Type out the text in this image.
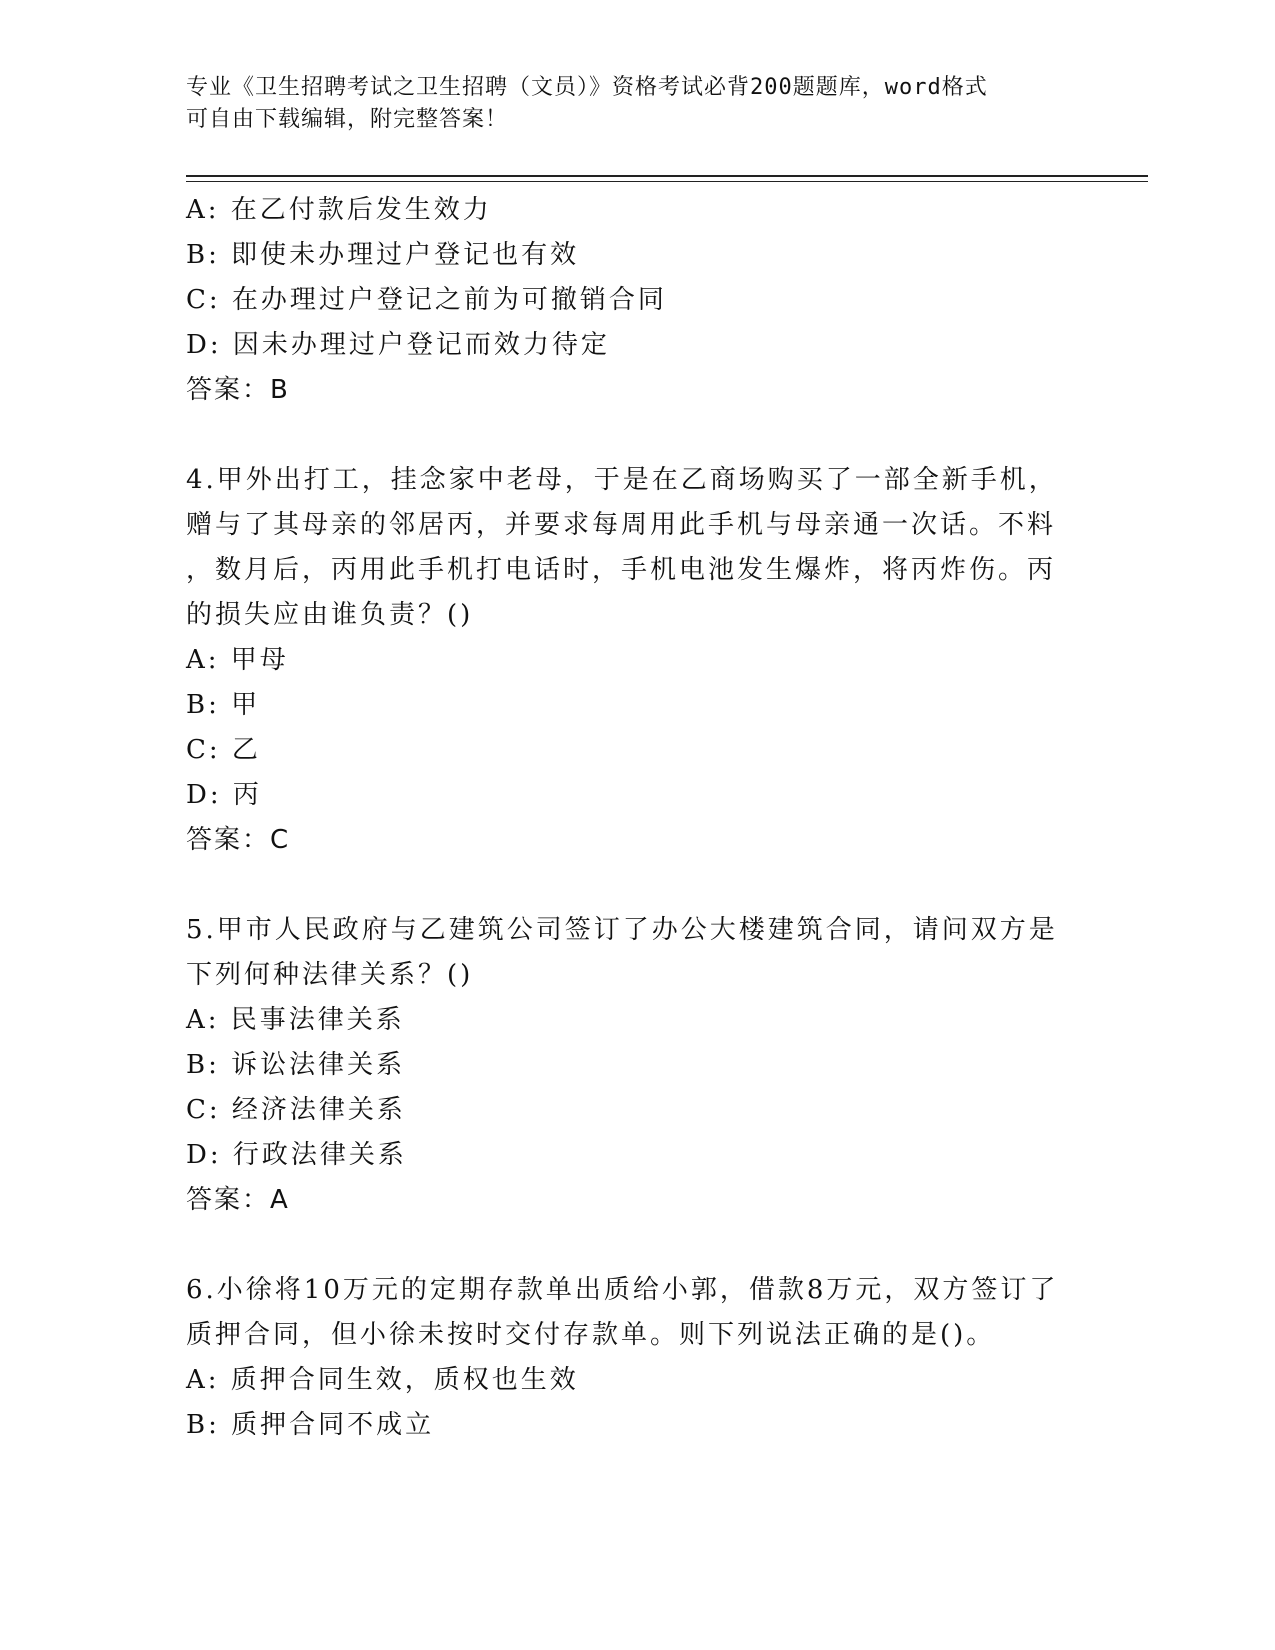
专业《卫生招聘考试之卫生招聘（文员）》资格考试必背200题题库，word格式
可自由下载编辑，附完整答案！
A: 在乙付款后发生效力
B: 即使未办理过户登记也有效
C: 在办理过户登记之前为可撤销合同
D: 因未办理过户登记而效力待定
答案：B
4.甲外出打工，挂念家中老母，于是在乙商场购买了一部全新手机，
赠与了其母亲的邻居丙，并要求每周用此手机与母亲通一次话。不料
，数月后，丙用此手机打电话时，手机电池发生爆炸，将丙炸伤。丙
的损失应由谁负责？()
A: 甲母
B: 甲
C: 乙
D: 丙
答案：C
5.甲市人民政府与乙建筑公司签订了办公大楼建筑合同，请问双方是
下列何种法律关系？()
A: 民事法律关系
B: 诉讼法律关系
C: 经济法律关系
D: 行政法律关系
答案：A
6.小徐将10万元的定期存款单出质给小郭，借款8万元，双方签订了
质押合同，但小徐未按时交付存款单。则下列说法正确的是()。
A: 质押合同生效，质权也生效
B: 质押合同不成立
